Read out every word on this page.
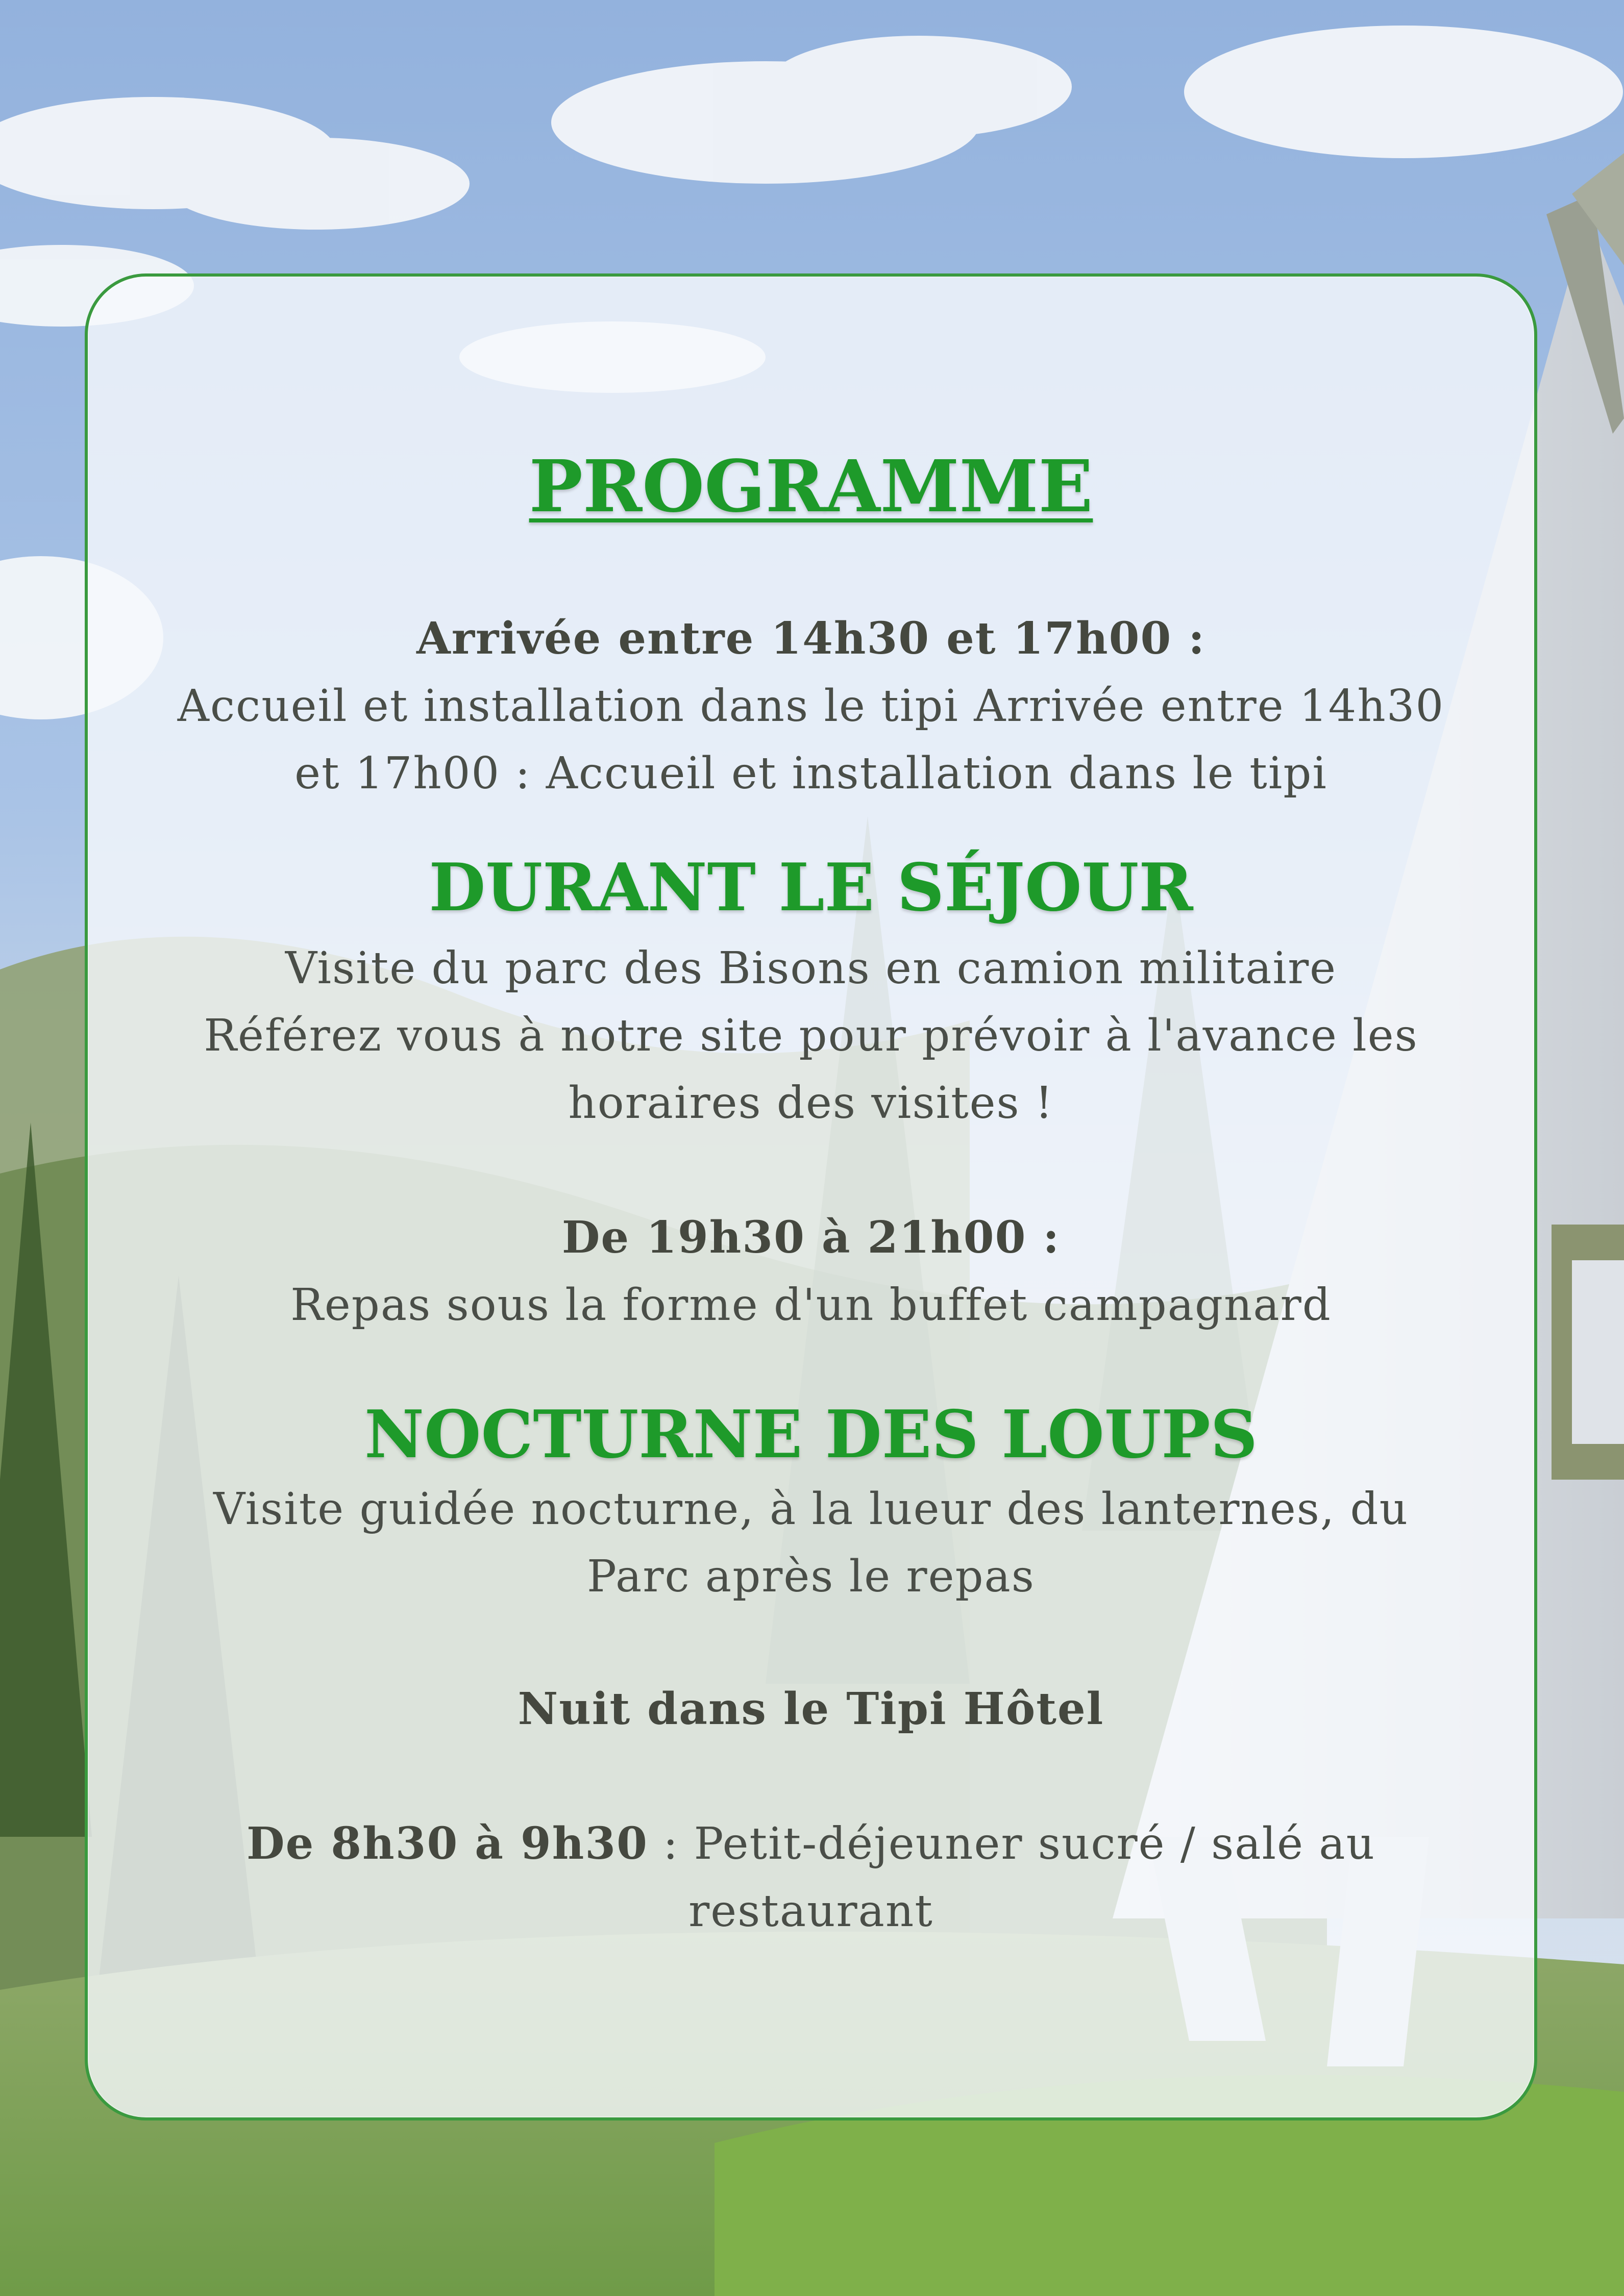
PROGRAMME

Arrivée entre 14h30 et 17h00 :

Accueil et installation dans le tipi Arrivée entre 14h30

et 17h00 : Accueil et installation dans le tipi

DURANT LE SÉJOUR

Visite du parc des Bisons en camion militaire

Référez vous à notre site pour prévoir à l'avance les

horaires des visites !

De 19h30 à 21h00 :

Repas sous la forme d'un buffet campagnard

NOCTURNE DES LOUPS

Visite guidée nocturne, à la lueur des lanternes, du

Parc après le repas

Nuit dans le Tipi Hôtel

De 8h30 à 9h30 : Petit-déjeuner sucré / salé au

restaurant
